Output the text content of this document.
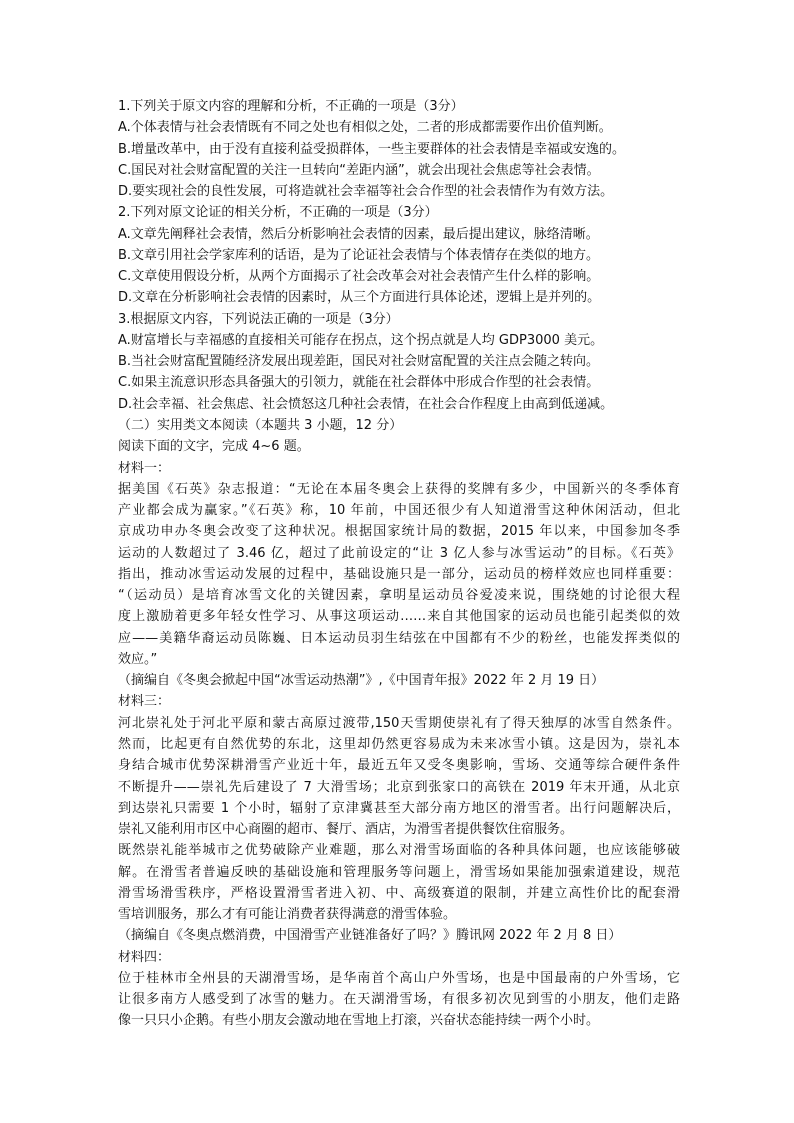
1.下列关于原文内容的理解和分析，不正确的一项是（3分）
A.个体表情与社会表情既有不同之处也有相似之处，二者的形成都需要作出价值判断。
B.增量改革中，由于没有直接利益受损群体，一些主要群体的社会表情是幸福或安逸的。
C.国民对社会财富配置的关注一旦转向“差距内涵”，就会出现社会焦虑等社会表情。
D.要实现社会的良性发展，可将造就社会幸福等社会合作型的社会表情作为有效方法。
2.下列对原文论证的相关分析，不正确的一项是（3分）
A.文章先阐释社会表情，然后分析影响社会表情的因素，最后提出建议，脉络清晰。
B.文章引用社会学家库利的话语，是为了论证社会表情与个体表情存在类似的地方。
C.文章使用假设分析，从两个方面揭示了社会改革会对社会表情产生什么样的影响。
D.文章在分析影响社会表情的因素时，从三个方面进行具体论述，逻辑上是并列的。
3.根据原文内容，下列说法正确的一项是（3分）
A.财富增长与幸福感的直接相关可能存在拐点，这个拐点就是人均 GDP3000 美元。
B.当社会财富配置随经济发展出现差距，国民对社会财富配置的关注点会随之转向。
C.如果主流意识形态具备强大的引领力，就能在社会群体中形成合作型的社会表情。
D.社会幸福、社会焦虑、社会愤怒这几种社会表情，在社会合作程度上由高到低递减。
（二）实用类文本阅读（本题共 3 小题，12 分）
阅读下面的文字，完成 4~6 题。
材料一：
据美国《石英》杂志报道：“无论在本届冬奥会上获得的奖牌有多少，中国新兴的冬季体育
产业都会成为赢家。”《石英》称，10 年前，中国还很少有人知道滑雪这种休闲活动，但北
京成功申办冬奥会改变了这种状况。根据国家统计局的数据，2015 年以来，中国参加冬季
运动的人数超过了 3.46 亿，超过了此前设定的“让 3 亿人参与冰雪运动”的目标。《石英》
指出，推动冰雪运动发展的过程中，基础设施只是一部分，运动员的榜样效应也同样重要：
“（运动员）是培育冰雪文化的关键因素，拿明星运动员谷爱凌来说，围绕她的讨论很大程
度上激励着更多年轻女性学习、从事这项运动……来自其他国家的运动员也能引起类似的效
应——美籍华裔运动员陈巍、日本运动员羽生结弦在中国都有不少的粉丝，也能发挥类似的
效应。”
（摘编自《冬奥会掀起中国“冰雪运动热潮”》,《中国青年报》2022 年 2 月 19 日）
材料三：
河北崇礼处于河北平原和蒙古高原过渡带,150天雪期使崇礼有了得天独厚的冰雪自然条件。
然而，比起更有自然优势的东北，这里却仍然更容易成为未来冰雪小镇。这是因为，崇礼本
身结合城市优势深耕滑雪产业近十年，最近五年又受冬奥影响，雪场、交通等综合硬件条件
不断提升——崇礼先后建设了 7 大滑雪场；北京到张家口的高铁在 2019 年末开通，从北京
到达崇礼只需要 1 个小时，辐射了京津冀甚至大部分南方地区的滑雪者。出行问题解决后，
崇礼又能利用市区中心商圈的超市、餐厅、酒店，为滑雪者提供餐饮住宿服务。
既然崇礼能举城市之优势破除产业难题，那么对滑雪场面临的各种具体问题，也应该能够破
解。在滑雪者普遍反映的基础设施和管理服务等问题上，滑雪场如果能加强索道建设，规范
滑雪场滑雪秩序，严格设置滑雪者进入初、中、高级赛道的限制，并建立高性价比的配套滑
雪培训服务，那么才有可能让消费者获得满意的滑雪体验。
（摘编自《冬奥点燃消费，中国滑雪产业链准备好了吗？》腾讯网 2022 年 2 月 8 日）
材料四：
位于桂林市全州县的天湖滑雪场，是华南首个高山户外雪场，也是中国最南的户外雪场，它
让很多南方人感受到了冰雪的魅力。在天湖滑雪场，有很多初次见到雪的小朋友，他们走路
像一只只小企鹅。有些小朋友会激动地在雪地上打滚，兴奋状态能持续一两个小时。
